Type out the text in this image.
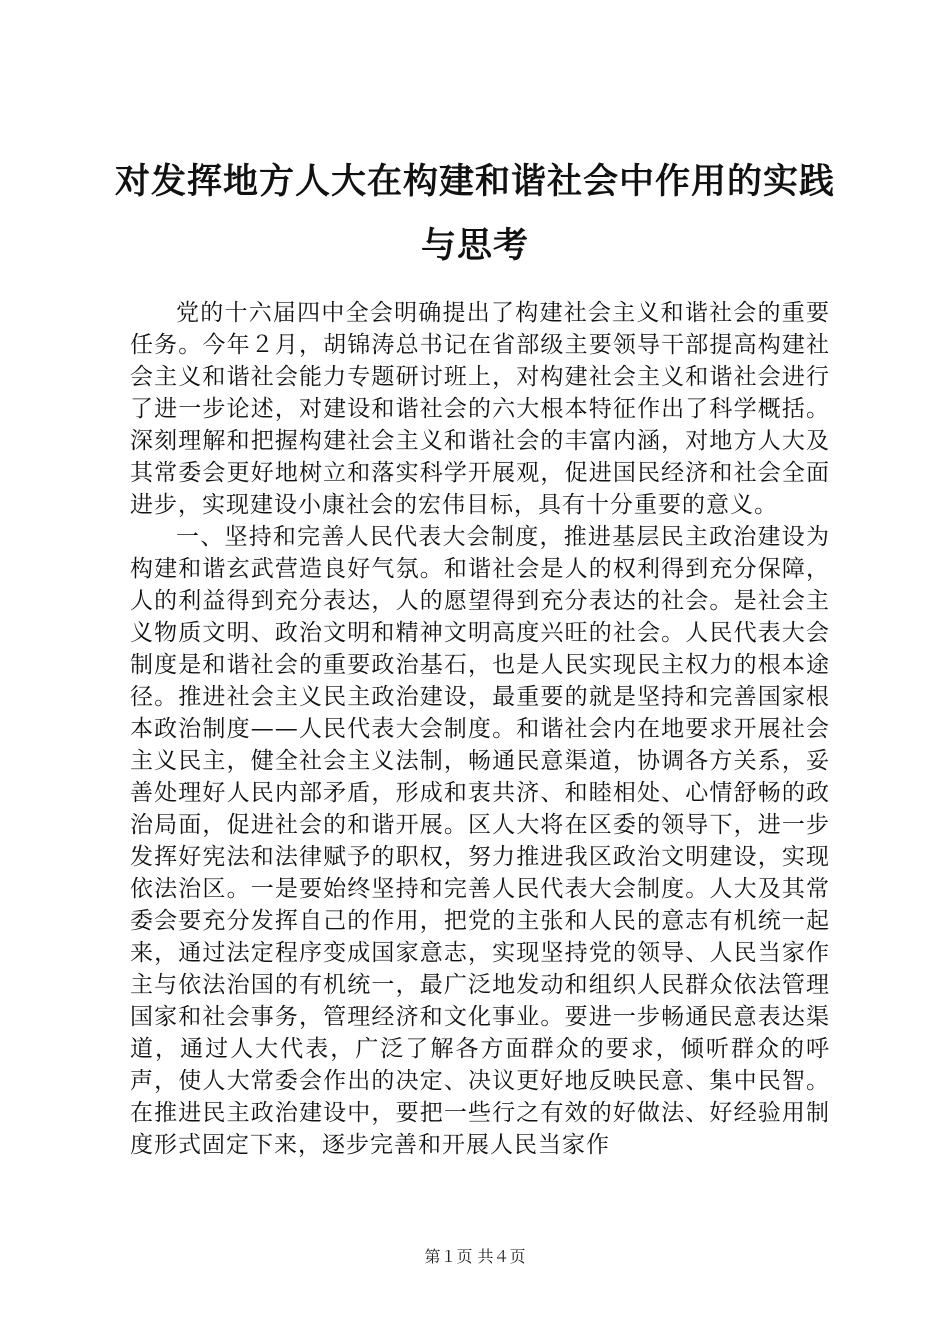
对发挥地方人大在构建和谐社会中作用的实践与思考

党的十六届四中全会明确提出了构建社会主义和谐社会的重要任务。今年２月，胡锦涛总书记在省部级主要领导干部提高构建社会主义和谐社会能力专题研讨班上，对构建社会主义和谐社会进行了进一步论述，对建设和谐社会的六大根本特征作出了科学概括。深刻理解和把握构建社会主义和谐社会的丰富内涵，对地方人大及其常委会更好地树立和落实科学开展观，促进国民经济和社会全面进步，实现建设小康社会的宏伟目标，具有十分重要的意义。

一、坚持和完善人民代表大会制度，推进基层民主政治建设为构建和谐玄武营造良好气氛。和谐社会是人的权利得到充分保障，人的利益得到充分表达，人的愿望得到充分表达的社会。是社会主义物质文明、政治文明和精神文明高度兴旺的社会。人民代表大会制度是和谐社会的重要政治基石，也是人民实现民主权力的根本途径。推进社会主义民主政治建设，最重要的就是坚持和完善国家根本政治制度——人民代表大会制度。和谐社会内在地要求开展社会主义民主，健全社会主义法制，畅通民意渠道，协调各方关系，妥善处理好人民内部矛盾，形成和衷共济、和睦相处、心情舒畅的政治局面，促进社会的和谐开展。区人大将在区委的领导下，进一步发挥好宪法和法律赋予的职权，努力推进我区政治文明建设，实现依法治区。一是要始终坚持和完善人民代表大会制度。人大及其常委会要充分发挥自己的作用，把党的主张和人民的意志有机统一起来，通过法定程序变成国家意志，实现坚持党的领导、人民当家作主与依法治国的有机统一，最广泛地发动和组织人民群众依法管理国家和社会事务，管理经济和文化事业。要进一步畅通民意表达渠道，通过人大代表，广泛了解各方面群众的要求，倾听群众的呼声，使人大常委会作出的决定、决议更好地反映民意、集中民智。在推进民主政治建设中，要把一些行之有效的好做法、好经验用制度形式固定下来，逐步完善和开展人民当家作

第１页 共４页
